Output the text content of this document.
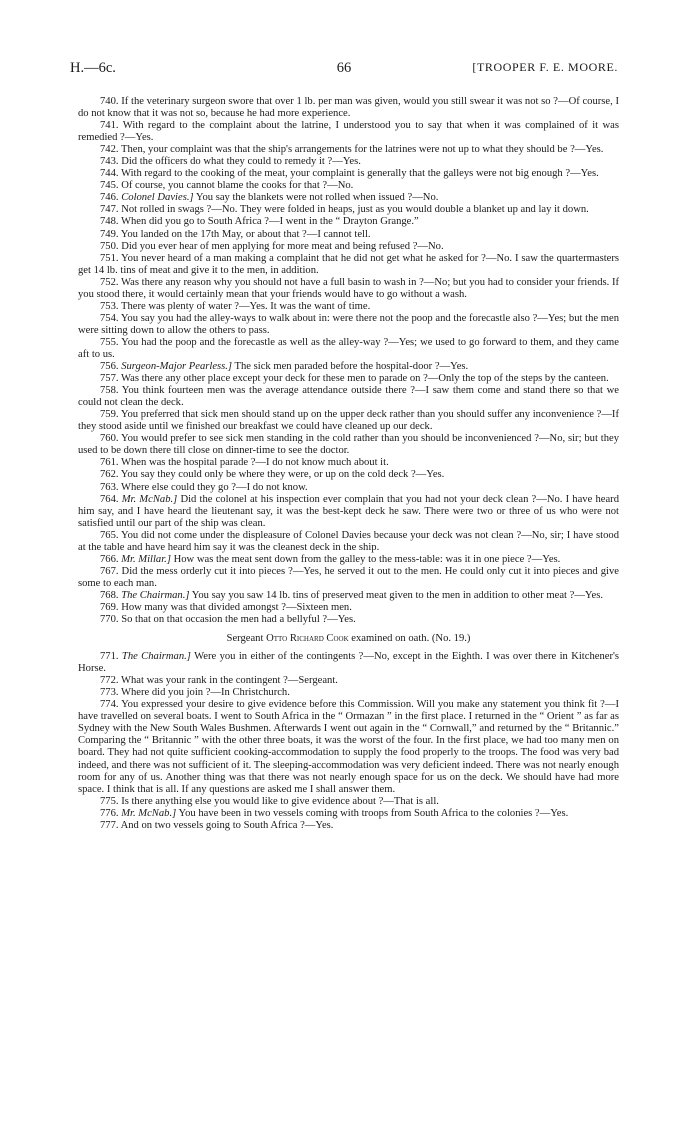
H.—6c.	66	[TROOPER F. E. MOORE.

740. If the veterinary surgeon swore that over 1 lb. per man was given, would you still swear it was not so ?—Of course, I do not know that it was not so, because he had more experience.

741. With regard to the complaint about the latrine, I understood you to say that when it was complained of it was remedied ?—Yes.

742. Then, your complaint was that the ship's arrangements for the latrines were not up to what they should be ?—Yes.

743. Did the officers do what they could to remedy it ?—Yes.

744. With regard to the cooking of the meat, your complaint is generally that the galleys were not big enough ?—Yes.

745. Of course, you cannot blame the cooks for that ?—No.

746. Colonel Davies.] You say the blankets were not rolled when issued ?—No.

747. Not rolled in swags ?—No. They were folded in heaps, just as you would double a blanket up and lay it down.

748. When did you go to South Africa ?—I went in the “ Drayton Grange.”

749. You landed on the 17th May, or about that ?—I cannot tell.

750. Did you ever hear of men applying for more meat and being refused ?—No.

751. You never heard of a man making a complaint that he did not get what he asked for ?—No. I saw the quartermasters get 14 lb. tins of meat and give it to the men, in addition.

752. Was there any reason why you should not have a full basin to wash in ?—No; but you had to consider your friends. If you stood there, it would certainly mean that your friends would have to go without a wash.

753. There was plenty of water ?—Yes. It was the want of time.

754. You say you had the alley-ways to walk about in: were there not the poop and the forecastle also ?—Yes; but the men were sitting down to allow the others to pass.

755. You had the poop and the forecastle as well as the alley-way ?—Yes; we used to go forward to them, and they came aft to us.

756. Surgeon-Major Pearless.] The sick men paraded before the hospital-door ?—Yes.

757. Was there any other place except your deck for these men to parade on ?—Only the top of the steps by the canteen.

758. You think fourteen men was the average attendance outside there ?—I saw them come and stand there so that we could not clean the deck.

759. You preferred that sick men should stand up on the upper deck rather than you should suffer any inconvenience ?—If they stood aside until we finished our breakfast we could have cleaned up our deck.

760. You would prefer to see sick men standing in the cold rather than you should be inconvenienced ?—No, sir; but they used to be down there till close on dinner-time to see the doctor.

761. When was the hospital parade ?—I do not know much about it.

762. You say they could only be where they were, or up on the cold deck ?—Yes.

763. Where else could they go ?—I do not know.

764. Mr. McNab.] Did the colonel at his inspection ever complain that you had not your deck clean ?—No. I have heard him say, and I have heard the lieutenant say, it was the best-kept deck he saw. There were two or three of us who were not satisfied until our part of the ship was clean.

765. You did not come under the displeasure of Colonel Davies because your deck was not clean ?—No, sir; I have stood at the table and have heard him say it was the cleanest deck in the ship.

766. Mr. Millar.] How was the meat sent down from the galley to the mess-table: was it in one piece ?—Yes.

767. Did the mess orderly cut it into pieces ?—Yes, he served it out to the men. He could only cut it into pieces and give some to each man.

768. The Chairman.] You say you saw 14 lb. tins of preserved meat given to the men in addition to other meat ?—Yes.

769. How many was that divided amongst ?—Sixteen men.

770. So that on that occasion the men had a bellyful ?—Yes.

Sergeant Otto Richard Cook examined on oath. (No. 19.)

771. The Chairman.] Were you in either of the contingents ?—No, except in the Eighth. I was over there in Kitchener's Horse.

772. What was your rank in the contingent ?—Sergeant.

773. Where did you join ?—In Christchurch.

774. You expressed your desire to give evidence before this Commission. Will you make any statement you think fit ?—I have travelled on several boats. I went to South Africa in the “ Ormazan ” in the first place. I returned in the “ Orient ” as far as Sydney with the New South Wales Bushmen. Afterwards I went out again in the “ Cornwall,” and returned by the “ Britannic.” Comparing the “ Britannic ” with the other three boats, it was the worst of the four. In the first place, we had too many men on board. They had not quite sufficient cooking-accommodation to supply the food properly to the troops. The food was very bad indeed, and there was not sufficient of it. The sleeping-accommodation was very deficient indeed. There was not nearly enough room for any of us. Another thing was that there was not nearly enough space for us on the deck. We should have had more space. I think that is all. If any questions are asked me I shall answer them.

775. Is there anything else you would like to give evidence about ?—That is all.

776. Mr. McNab.] You have been in two vessels coming with troops from South Africa to the colonies ?—Yes.

777. And on two vessels going to South Africa ?—Yes.
